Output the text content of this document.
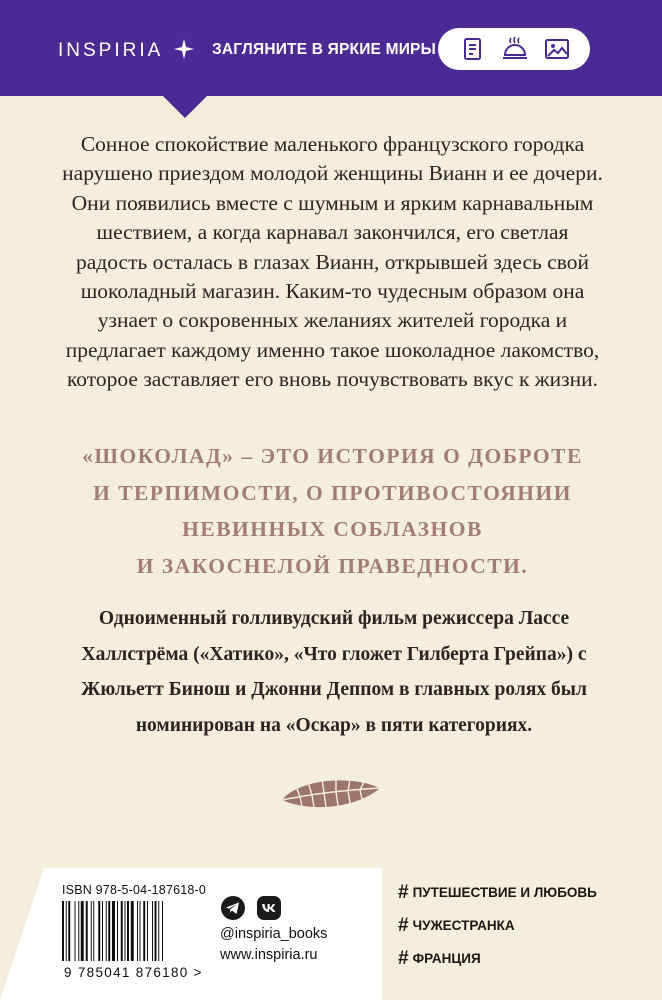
INSPIRIA	ЗАГЛЯНИТЕ В ЯРКИЕ МИРЫ
Сонное спокойствие маленького французского городка нарушено приездом молодой женщины Вианн и ее дочери. Они появились вместе с шумным и ярким карнавальным шествием, а когда карнавал закончился, его светлая радость осталась в глазах Вианн, открывшей здесь свой шоколадный магазин. Каким-то чудесным образом она узнает о сокровенных желаниях жителей городка и предлагает каждому именно такое шоколадное лакомство, которое заставляет его вновь почувствовать вкус к жизни.
«ШОКОЛАД» – ЭТО ИСТОРИЯ О ДОБРОТЕ
И ТЕРПИМОСТИ, О ПРОТИВОСТОЯНИИ
НЕВИННЫХ СОБЛАЗНОВ
И ЗАКОСНЕЛОЙ ПРАВЕДНОСТИ.
Одноименный голливудский фильм режиссера Лассе Халлстрёма («Хатико», «Что гложет Гилберта Грейпа») с Жюльетт Бинош и Джонни Деппом в главных ролях был номинирован на «Оскар» в пяти категориях.
ISBN 978-5-04-187618-0
9 785041 876180 >
@inspiria_books
www.inspiria.ru
# ПУТЕШЕСТВИЕ И ЛЮБОВЬ
# ЧУЖЕСТРАНКА
# ФРАНЦИЯ
